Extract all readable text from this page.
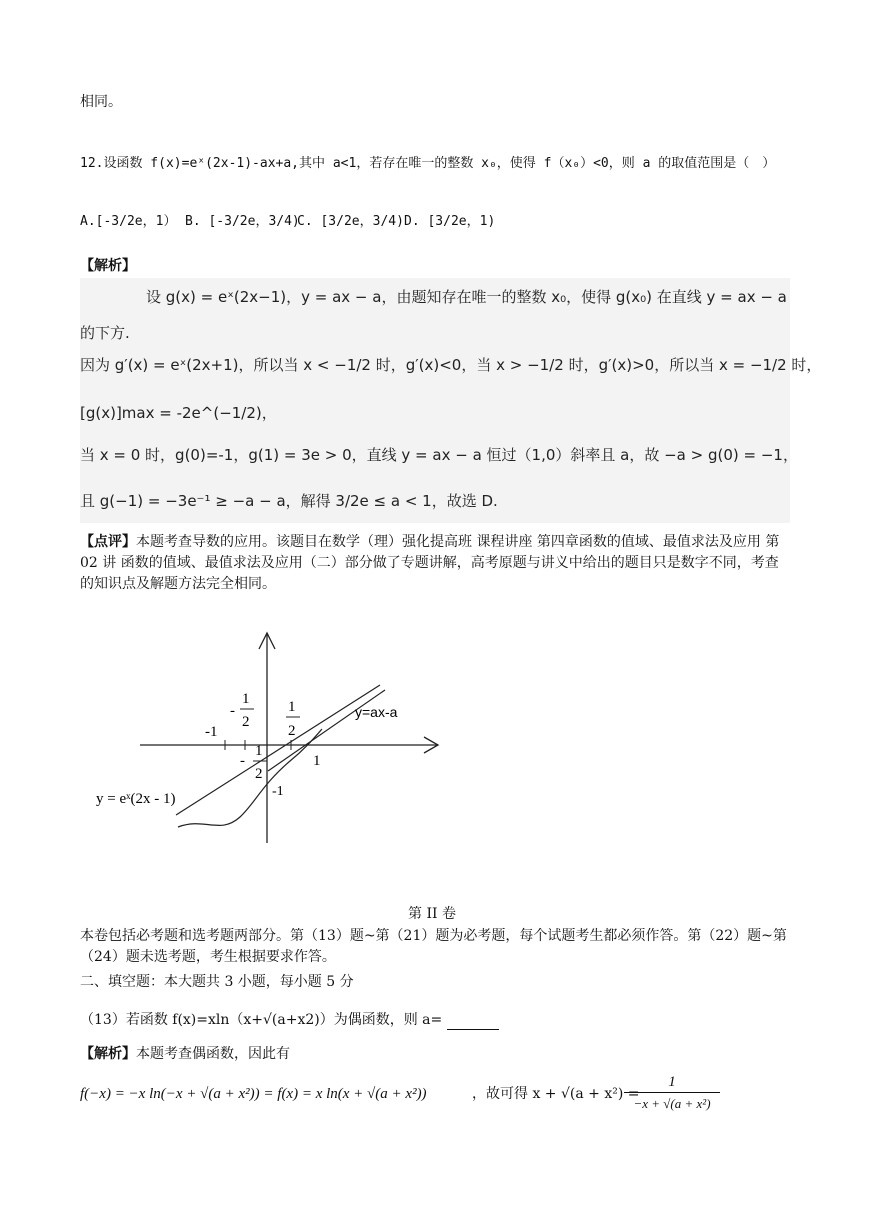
相同。
12.设函数 f(x)=eˣ(2x-1)-ax+a,其中 a<1，若存在唯一的整数 x₀，使得 f（x₀）<0，则 a 的取值范围是（　）
A.[-3/2e，1） B. [-3/2e，3/4)
C. [3/2e，3/4) D. [3/2e，1)
【解析】
设 g(x) = eˣ(2x−1)，y = ax − a，由题知存在唯一的整数 x₀，使得 g(x₀) 在直线 y = ax − a
的下方.
因为 g′(x) = eˣ(2x+1)，所以当 x < −1/2 时，g′(x)<0，当 x > −1/2 时，g′(x)>0，所以当 x = −1/2 时，
[g(x)]max = -2e^(−1/2)，
当 x = 0 时，g(0)=-1，g(1) = 3e > 0，直线 y = ax − a 恒过（1,0）斜率且 a，故 −a > g(0) = −1，
且 g(−1) = −3e⁻¹ ≥ −a − a，解得 3/2e ≤ a < 1，故选 D.
【点评】本题考查导数的应用。该题目在数学（理）强化提高班 课程讲座 第四章函数的值域、最值求法及应用 第 02 讲 函数的值域、最值求法及应用（二）部分做了专题讲解，高考原题与讲义中给出的题目只是数字不同，考查的知识点及解题方法完全相同。
-1
-
1
2
1
2
-
1
2
1
-1
y=ax-a
y = eˣ(2x - 1)
第 II 卷
本卷包括必考题和选考题两部分。第（13）题~第（21）题为必考题，每个试题考生都必须作答。第（22）题~第（24）题未选考题，考生根据要求作答。
二、填空题：本大题共 3 小题，每小题 5 分
（13）若函数 f(x)=xln（x+√(a+x2)）为偶函数，则 a=
【解析】 本题考查偶函数，因此有
f(−x) = −x ln(−x + √(a + x²)) = f(x) = x ln(x + √(a + x²))	，故可得 x + √(a + x²) =
$\frac{1}{\text{−x + √(a + x²)}}$
